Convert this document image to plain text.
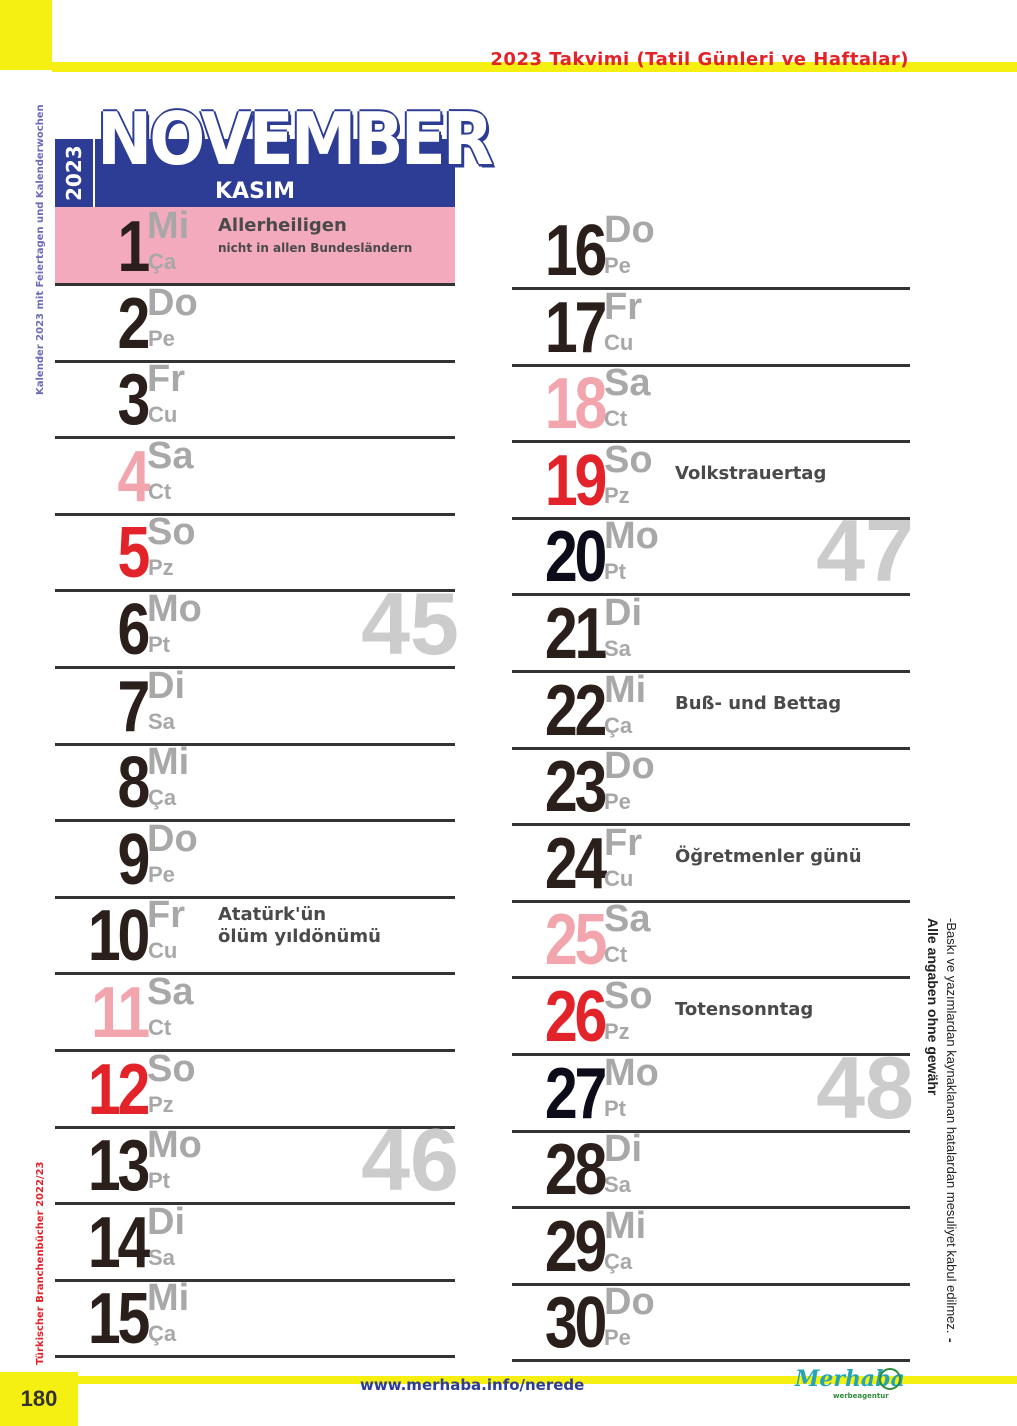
2023 Takvimi (Tatil Günleri ve Haftalar)
Kalender 2023 mit Feiertagen und Kalenderwochen
Türkischer Branchenbücher 2022/23
2023 NOVEMBER
KASIM
1 Mi
Ça
Allerheiligen
nicht in allen Bundesländern
2 Do
Pe
3 Fr
Cu
4 Sa
Ct
5 So
Pz
6 Mo
Pt 45
7 Di
Sa
8 Mi
Ça
9 Do
Pe
10 Fr
Cu
Atatürk'ün
ölüm yıldönümü
11 Sa
Ct
12 So
Pz
13 Mo
Pt 46
14 Di
Sa
15 Mi
Ça
16 Do
Pe
17 Fr
Cu
18 Sa
Ct
19 So
Pz
Volkstrauertag
20 Mo
Pt 47
21 Di
Sa
22 Mi
Ça
Buß- und Bettag
23 Do
Pe
24 Fr
Cu
Öğretmenler günü
25 Sa
Ct
26 So
Pz
Totensonntag
27 Mo
Pt 48
28 Di
Sa
29 Mi
Ça
30 Do
Pe
-Baskı ve yazımlardan kaynaklanan hatalardan mesuliyet kabul edilmez. -Alle angaben ohne gewähr
180
www.merhaba.info/nerede	Merhaba
werbeagentur
